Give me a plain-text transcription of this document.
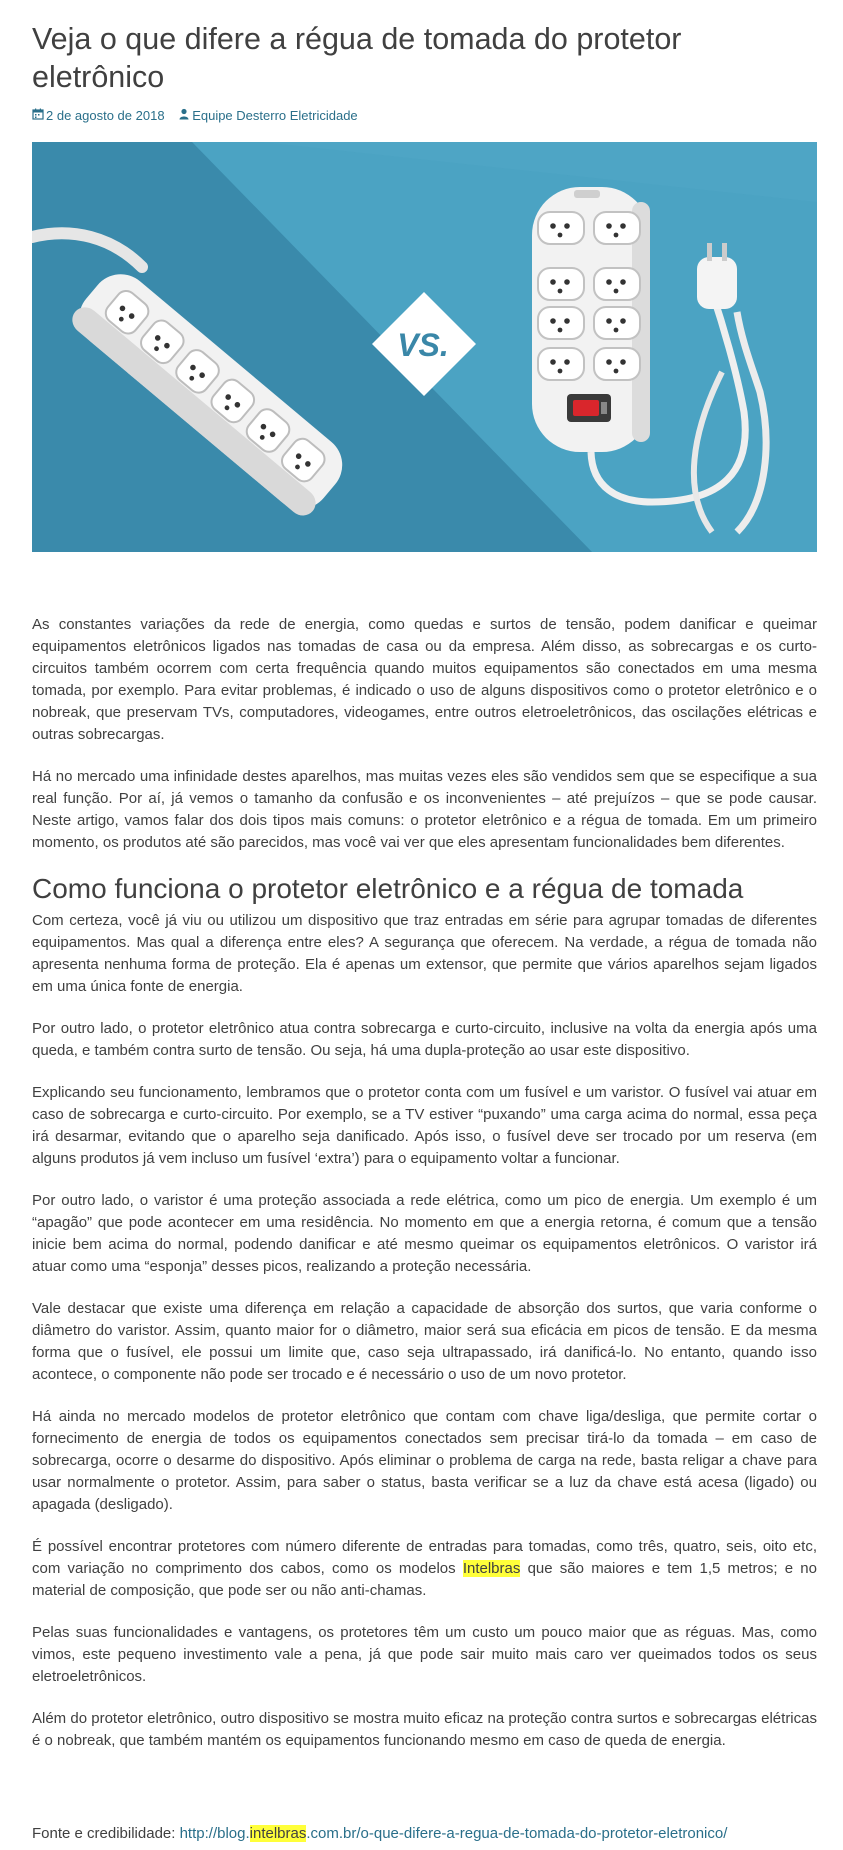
Veja o que difere a régua de tomada do protetor eletrônico
2 de agosto de 2018 Equipe Desterro Eletricidade
VS.

As constantes variações da rede de energia, como quedas e surtos de tensão, podem danificar e queimar equipamentos eletrônicos ligados nas tomadas de casa ou da empresa. Além disso, as sobrecargas e os curto-circuitos também ocorrem com certa frequência quando muitos equipamentos são conectados em uma mesma tomada, por exemplo. Para evitar problemas, é indicado o uso de alguns dispositivos como o protetor eletrônico e o nobreak, que preservam TVs, computadores, videogames, entre outros eletroeletrônicos, das oscilações elétricas e outras sobrecargas.

Há no mercado uma infinidade destes aparelhos, mas muitas vezes eles são vendidos sem que se especifique a sua real função. Por aí, já vemos o tamanho da confusão e os inconvenientes – até prejuízos – que se pode causar. Neste artigo, vamos falar dos dois tipos mais comuns: o protetor eletrônico e a régua de tomada. Em um primeiro momento, os produtos até são parecidos, mas você vai ver que eles apresentam funcionalidades bem diferentes.

Como funciona o protetor eletrônico e a régua de tomada

Com certeza, você já viu ou utilizou um dispositivo que traz entradas em série para agrupar tomadas de diferentes equipamentos. Mas qual a diferença entre eles? A segurança que oferecem. Na verdade, a régua de tomada não apresenta nenhuma forma de proteção. Ela é apenas um extensor, que permite que vários aparelhos sejam ligados em uma única fonte de energia.

Por outro lado, o protetor eletrônico atua contra sobrecarga e curto-circuito, inclusive na volta da energia após uma queda, e também contra surto de tensão. Ou seja, há uma dupla-proteção ao usar este dispositivo.

Explicando seu funcionamento, lembramos que o protetor conta com um fusível e um varistor. O fusível vai atuar em caso de sobrecarga e curto-circuito. Por exemplo, se a TV estiver “puxando” uma carga acima do normal, essa peça irá desarmar, evitando que o aparelho seja danificado. Após isso, o fusível deve ser trocado por um reserva (em alguns produtos já vem incluso um fusível ‘extra’) para o equipamento voltar a funcionar.

Por outro lado, o varistor é uma proteção associada a rede elétrica, como um pico de energia. Um exemplo é um “apagão” que pode acontecer em uma residência. No momento em que a energia retorna, é comum que a tensão inicie bem acima do normal, podendo danificar e até mesmo queimar os equipamentos eletrônicos. O varistor irá atuar como uma “esponja” desses picos, realizando a proteção necessária.

Vale destacar que existe uma diferença em relação a capacidade de absorção dos surtos, que varia conforme o diâmetro do varistor. Assim, quanto maior for o diâmetro, maior será sua eficácia em picos de tensão. E da mesma forma que o fusível, ele possui um limite que, caso seja ultrapassado, irá danificá-lo. No entanto, quando isso acontece, o componente não pode ser trocado e é necessário o uso de um novo protetor.

Há ainda no mercado modelos de protetor eletrônico que contam com chave liga/desliga, que permite cortar o fornecimento de energia de todos os equipamentos conectados sem precisar tirá-lo da tomada – em caso de sobrecarga, ocorre o desarme do dispositivo. Após eliminar o problema de carga na rede, basta religar a chave para usar normalmente o protetor. Assim, para saber o status, basta verificar se a luz da chave está acesa (ligado) ou apagada (desligado).

É possível encontrar protetores com número diferente de entradas para tomadas, como três, quatro, seis, oito etc, com variação no comprimento dos cabos, como os modelos Intelbras que são maiores e tem 1,5 metros; e no material de composição, que pode ser ou não anti-chamas.

Pelas suas funcionalidades e vantagens, os protetores têm um custo um pouco maior que as réguas. Mas, como vimos, este pequeno investimento vale a pena, já que pode sair muito mais caro ver queimados todos os seus eletroeletrônicos.

Além do protetor eletrônico, outro dispositivo se mostra muito eficaz na proteção contra surtos e sobrecargas elétricas é o nobreak, que também mantém os equipamentos funcionando mesmo em caso de queda de energia.

Fonte e credibilidade: http://blog.intelbras.com.br/o-que-difere-a-regua-de-tomada-do-protetor-eletronico/
